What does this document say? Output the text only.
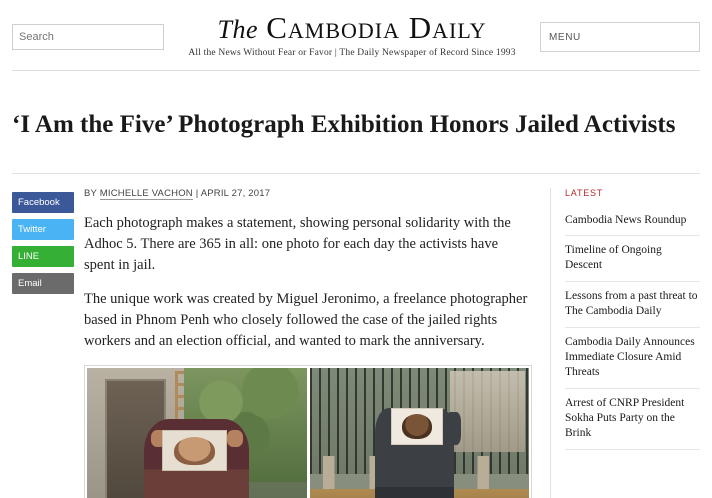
Search
The Cambodia Daily
All the News Without Fear or Favor | The Daily Newspaper of Record Since 1993
MENU
‘I Am the Five’ Photograph Exhibition Honors Jailed Activists
Facebook
Twitter
LINE
Email
BY MICHELLE VACHON | APRIL 27, 2017

Each photograph makes a statement, showing personal solidarity with the Adhoc 5. There are 365 in all: one photo for each day the activists have spent in jail.

The unique work was created by Miguel Jeronimo, a freelance photographer based in Phnom Penh who closely followed the case of the jailed rights workers and an election official, and wanted to mark the anniversary.

LATEST
Cambodia News Roundup
Timeline of Ongoing Descent
Lessons from a past threat to The Cambodia Daily
Cambodia Daily Announces Immediate Closure Amid Threats
Arrest of CNRP President Sokha Puts Party on the Brink
